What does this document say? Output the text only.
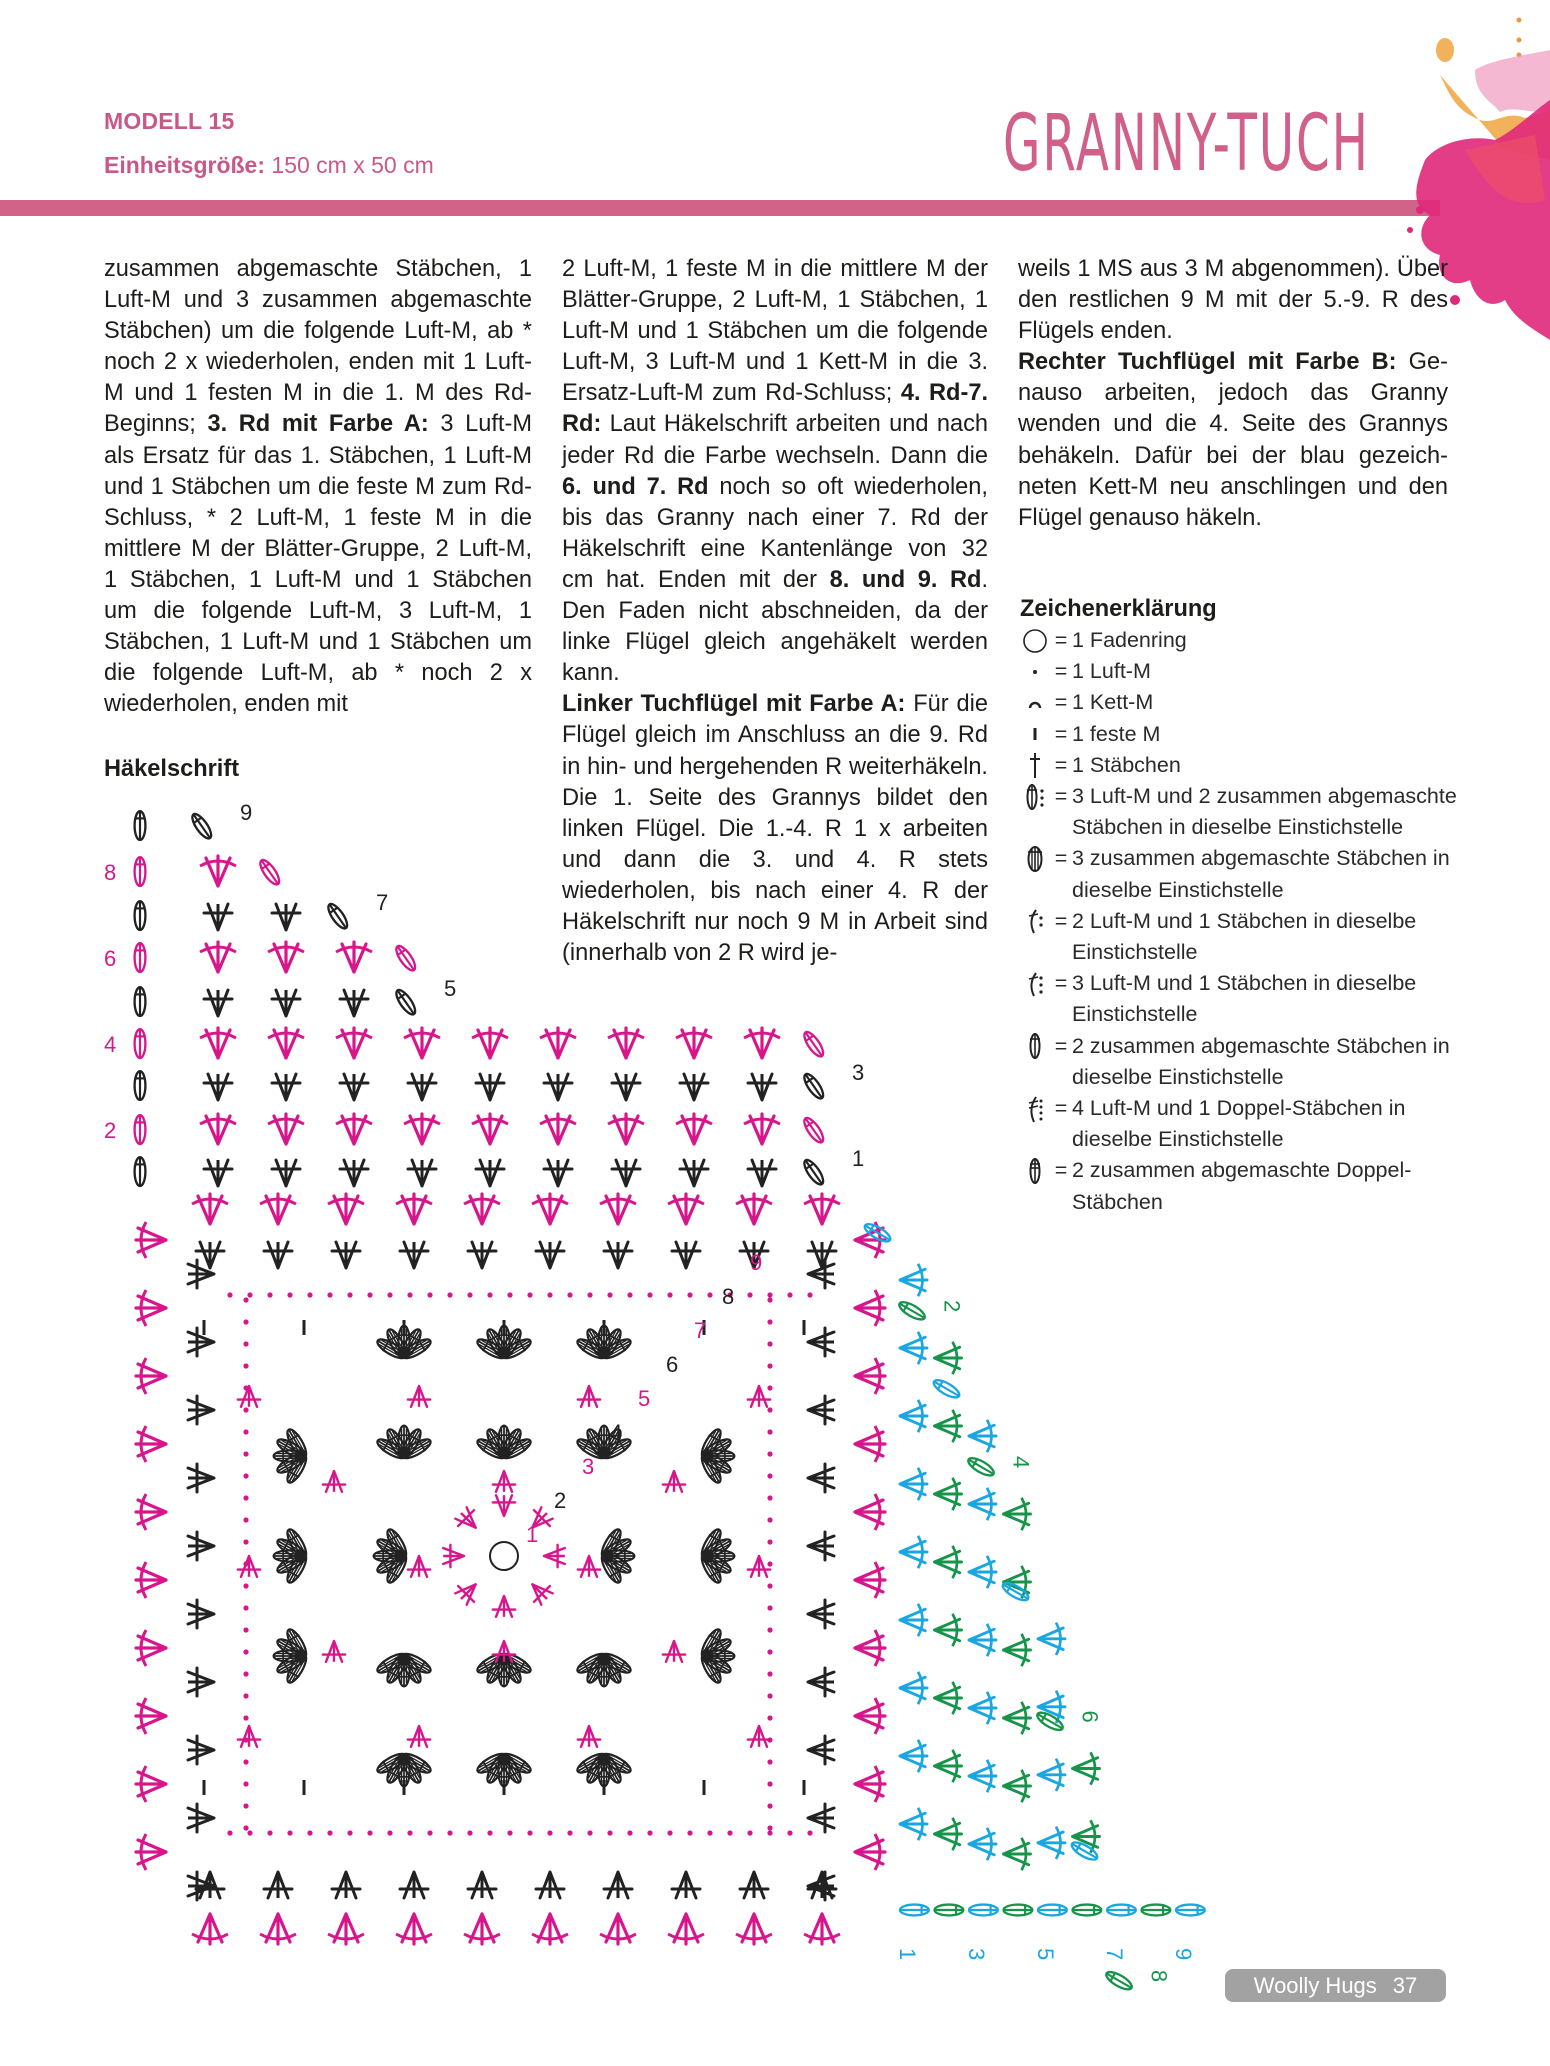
MODELL 15
Einheitsgröße: 150 cm x 50 cm	GRANNY-TUCH

zusammen abgemaschte Stäbchen, 1 Luft-M und 3 zusammen abgemaschte Stäbchen) um die folgende Luft-M, ab * noch 2 x wiederholen, enden mit 1 Luft-M und 1 festen M in die 1. M des Rd-Beginns; 3. Rd mit Farbe A: 3 Luft-M als Ersatz für das 1. Stäbchen, 1 Luft-M und 1 Stäbchen um die feste M zum Rd-Schluss, * 2 Luft-M, 1 feste M in die mittlere M der Blätter-Gruppe, 2 Luft-M, 1 Stäbchen, 1 Luft-M und 1 Stäbchen um die folgende Luft-M, 3 Luft-M, 1 Stäbchen, 1 Luft-M und 1 Stäbchen um die folgende Luft-M, ab * noch 2 x wiederholen, enden mit

Häkelschrift

2 Luft-M, 1 feste M in die mittlere M der Blätter-Gruppe, 2 Luft-M, 1 Stäbchen, 1 Luft-M und 1 Stäbchen um die folgende Luft-M, 3 Luft-M und 1 Kett-M in die 3. Ersatz-Luft-M zum Rd-Schluss; 4. Rd-7. Rd: Laut Häkelschrift arbeiten und nach jeder Rd die Farbe wechseln. Dann die 6. und 7. Rd noch so oft wiederholen, bis das Granny nach einer 7. Rd der Häkelschrift eine Kantenlänge von 32 cm hat. Enden mit der 8. und 9. Rd. Den Faden nicht abschneiden, da der linke Flügel gleich angehäkelt werden kann.

Linker Tuchflügel mit Farbe A: Für die Flügel gleich im Anschluss an die 9. Rd in hin- und hergehenden R weiterhäkeln. Die 1. Seite des Grannys bildet den linken Flügel. Die 1.-4. R 1 x arbeiten und dann die 3. und 4. R stets wiederholen, bis nach einer 4. R der Häkelschrift nur noch 9 M in Arbeit sind (innerhalb von 2 R wird je-

weils 1 MS aus 3 M abgenommen). Über den restlichen 9 M mit der 5.-9. R des Flügels enden.

Rechter Tuchflügel mit Farbe B: Genauso arbeiten, jedoch das Granny wenden und die 4. Seite des Grannys behäkeln. Dafür bei der blau gezeichneten Kett-M neu anschlingen und den Flügel genauso häkeln.

Zeichenerklärung
= 1 Fadenring
= 1 Luft-M
= 1 Kett-M
= 1 feste M
= 1 Stäbchen
= 3 Luft-M und 2 zusammen abgemaschte Stäbchen in dieselbe Einstichstelle
= 3 zusammen abgemaschte Stäbchen in dieselbe Einstichstelle
= 2 Luft-M und 1 Stäbchen in dieselbe Einstichstelle
= 3 Luft-M und 1 Stäbchen in dieselbe Einstichstelle
= 2 zusammen abgemaschte Stäbchen in dieselbe Einstichstelle
= 4 Luft-M und 1 Doppel-Stäbchen in dieselbe Einstichstelle
= 2 zusammen abgemaschte Doppel-Stäbchen
9
8
7
6
5
4
3
2
1
1
2
3
4
5
6
7
8
9
1
2
3
4
5
6
7
8
9
Woolly Hugs 37
